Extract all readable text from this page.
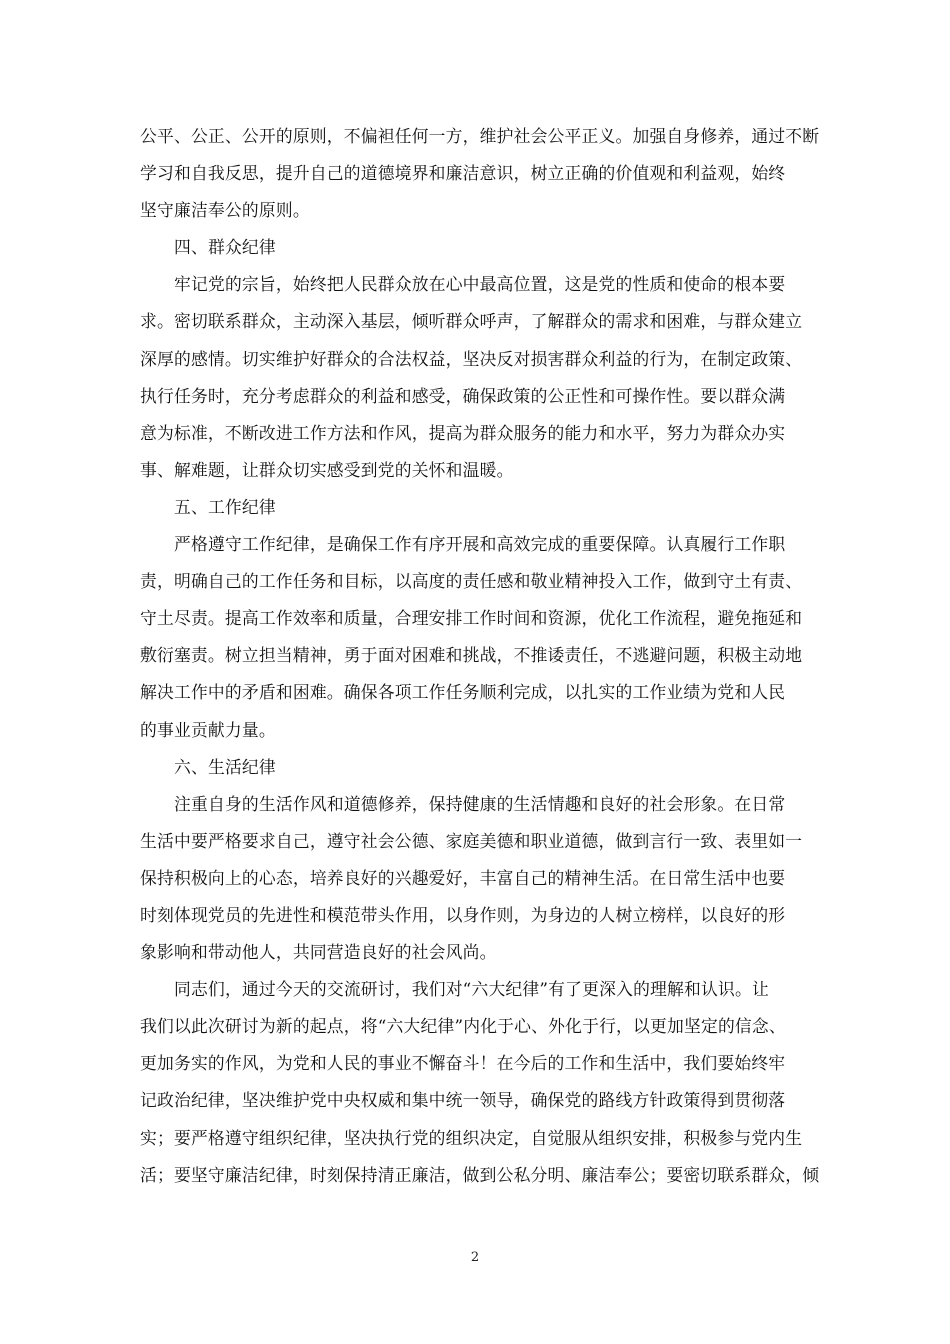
公平、公正、公开的原则，不偏袒任何一方，维护社会公平正义。加强自身修养，通过不断
学习和自我反思，提升自己的道德境界和廉洁意识，树立正确的价值观和利益观，始终
坚守廉洁奉公的原则。
四、群众纪律
牢记党的宗旨，始终把人民群众放在心中最高位置，这是党的性质和使命的根本要
求。密切联系群众，主动深入基层，倾听群众呼声，了解群众的需求和困难，与群众建立
深厚的感情。切实维护好群众的合法权益，坚决反对损害群众利益的行为，在制定政策、
执行任务时，充分考虑群众的利益和感受，确保政策的公正性和可操作性。要以群众满
意为标准，不断改进工作方法和作风，提高为群众服务的能力和水平，努力为群众办实
事、解难题，让群众切实感受到党的关怀和温暖。
五、工作纪律
严格遵守工作纪律，是确保工作有序开展和高效完成的重要保障。认真履行工作职
责，明确自己的工作任务和目标，以高度的责任感和敬业精神投入工作，做到守土有责、
守土尽责。提高工作效率和质量，合理安排工作时间和资源，优化工作流程，避免拖延和
敷衍塞责。树立担当精神，勇于面对困难和挑战，不推诿责任，不逃避问题，积极主动地
解决工作中的矛盾和困难。确保各项工作任务顺利完成，以扎实的工作业绩为党和人民
的事业贡献力量。
六、生活纪律
注重自身的生活作风和道德修养，保持健康的生活情趣和良好的社会形象。在日常
生活中要严格要求自己，遵守社会公德、家庭美德和职业道德，做到言行一致、表里如一
保持积极向上的心态，培养良好的兴趣爱好，丰富自己的精神生活。在日常生活中也要
时刻体现党员的先进性和模范带头作用，以身作则，为身边的人树立榜样，以良好的形
象影响和带动他人，共同营造良好的社会风尚。
同志们，通过今天的交流研讨，我们对“六大纪律”有了更深入的理解和认识。让
我们以此次研讨为新的起点，将“六大纪律”内化于心、外化于行，以更加坚定的信念、
更加务实的作风，为党和人民的事业不懈奋斗！在今后的工作和生活中，我们要始终牢
记政治纪律，坚决维护党中央权威和集中统一领导，确保党的路线方针政策得到贯彻落
实；要严格遵守组织纪律，坚决执行党的组织决定，自觉服从组织安排，积极参与党内生
活；要坚守廉洁纪律，时刻保持清正廉洁，做到公私分明、廉洁奉公；要密切联系群众，倾
2
